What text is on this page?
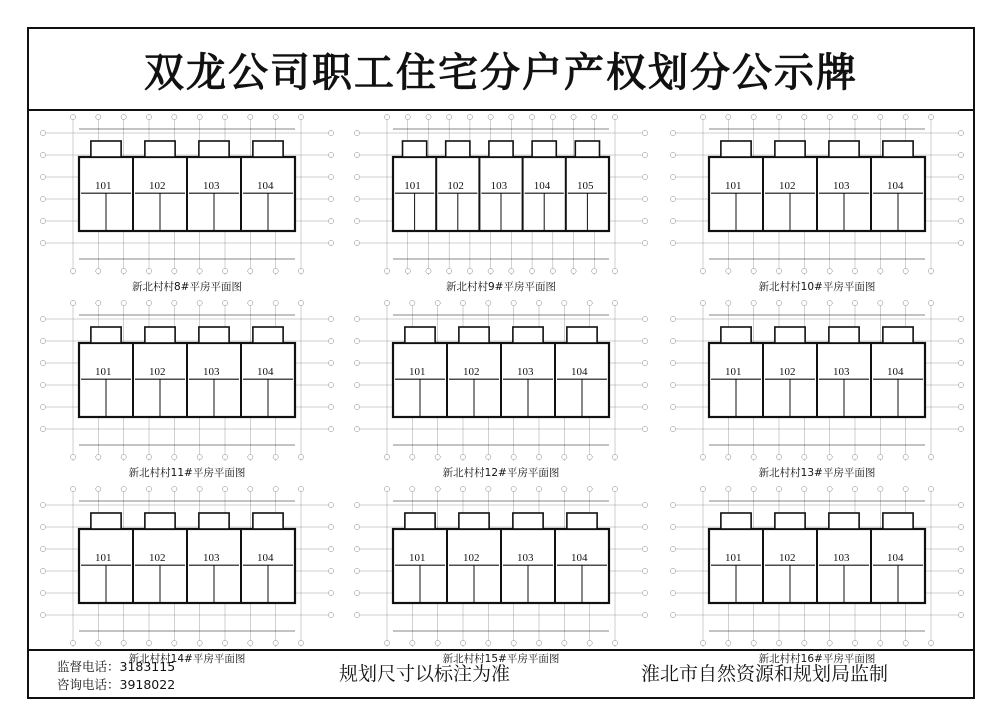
双龙公司职工住宅分户产权划分公示牌
101	102	103	104
新北村村8#平房平面图
101 102 103 104 105
新北村村9#平房平面图
101	102	103	104
新北村村10#平房平面图
101	102	103	104
新北村村11#平房平面图
101	102	103	104
新北村村12#平房平面图
101	102	103	104
新北村村13#平房平面图
101	102	103	104
新北村村14#平房平面图
101	102	103	104
新北村村15#平房平面图
101	102	103	104
新北村村16#平房平面图
监督电话：3183115
咨询电话：3918022	规划尺寸以标注为准	淮北市自然资源和规划局监制
